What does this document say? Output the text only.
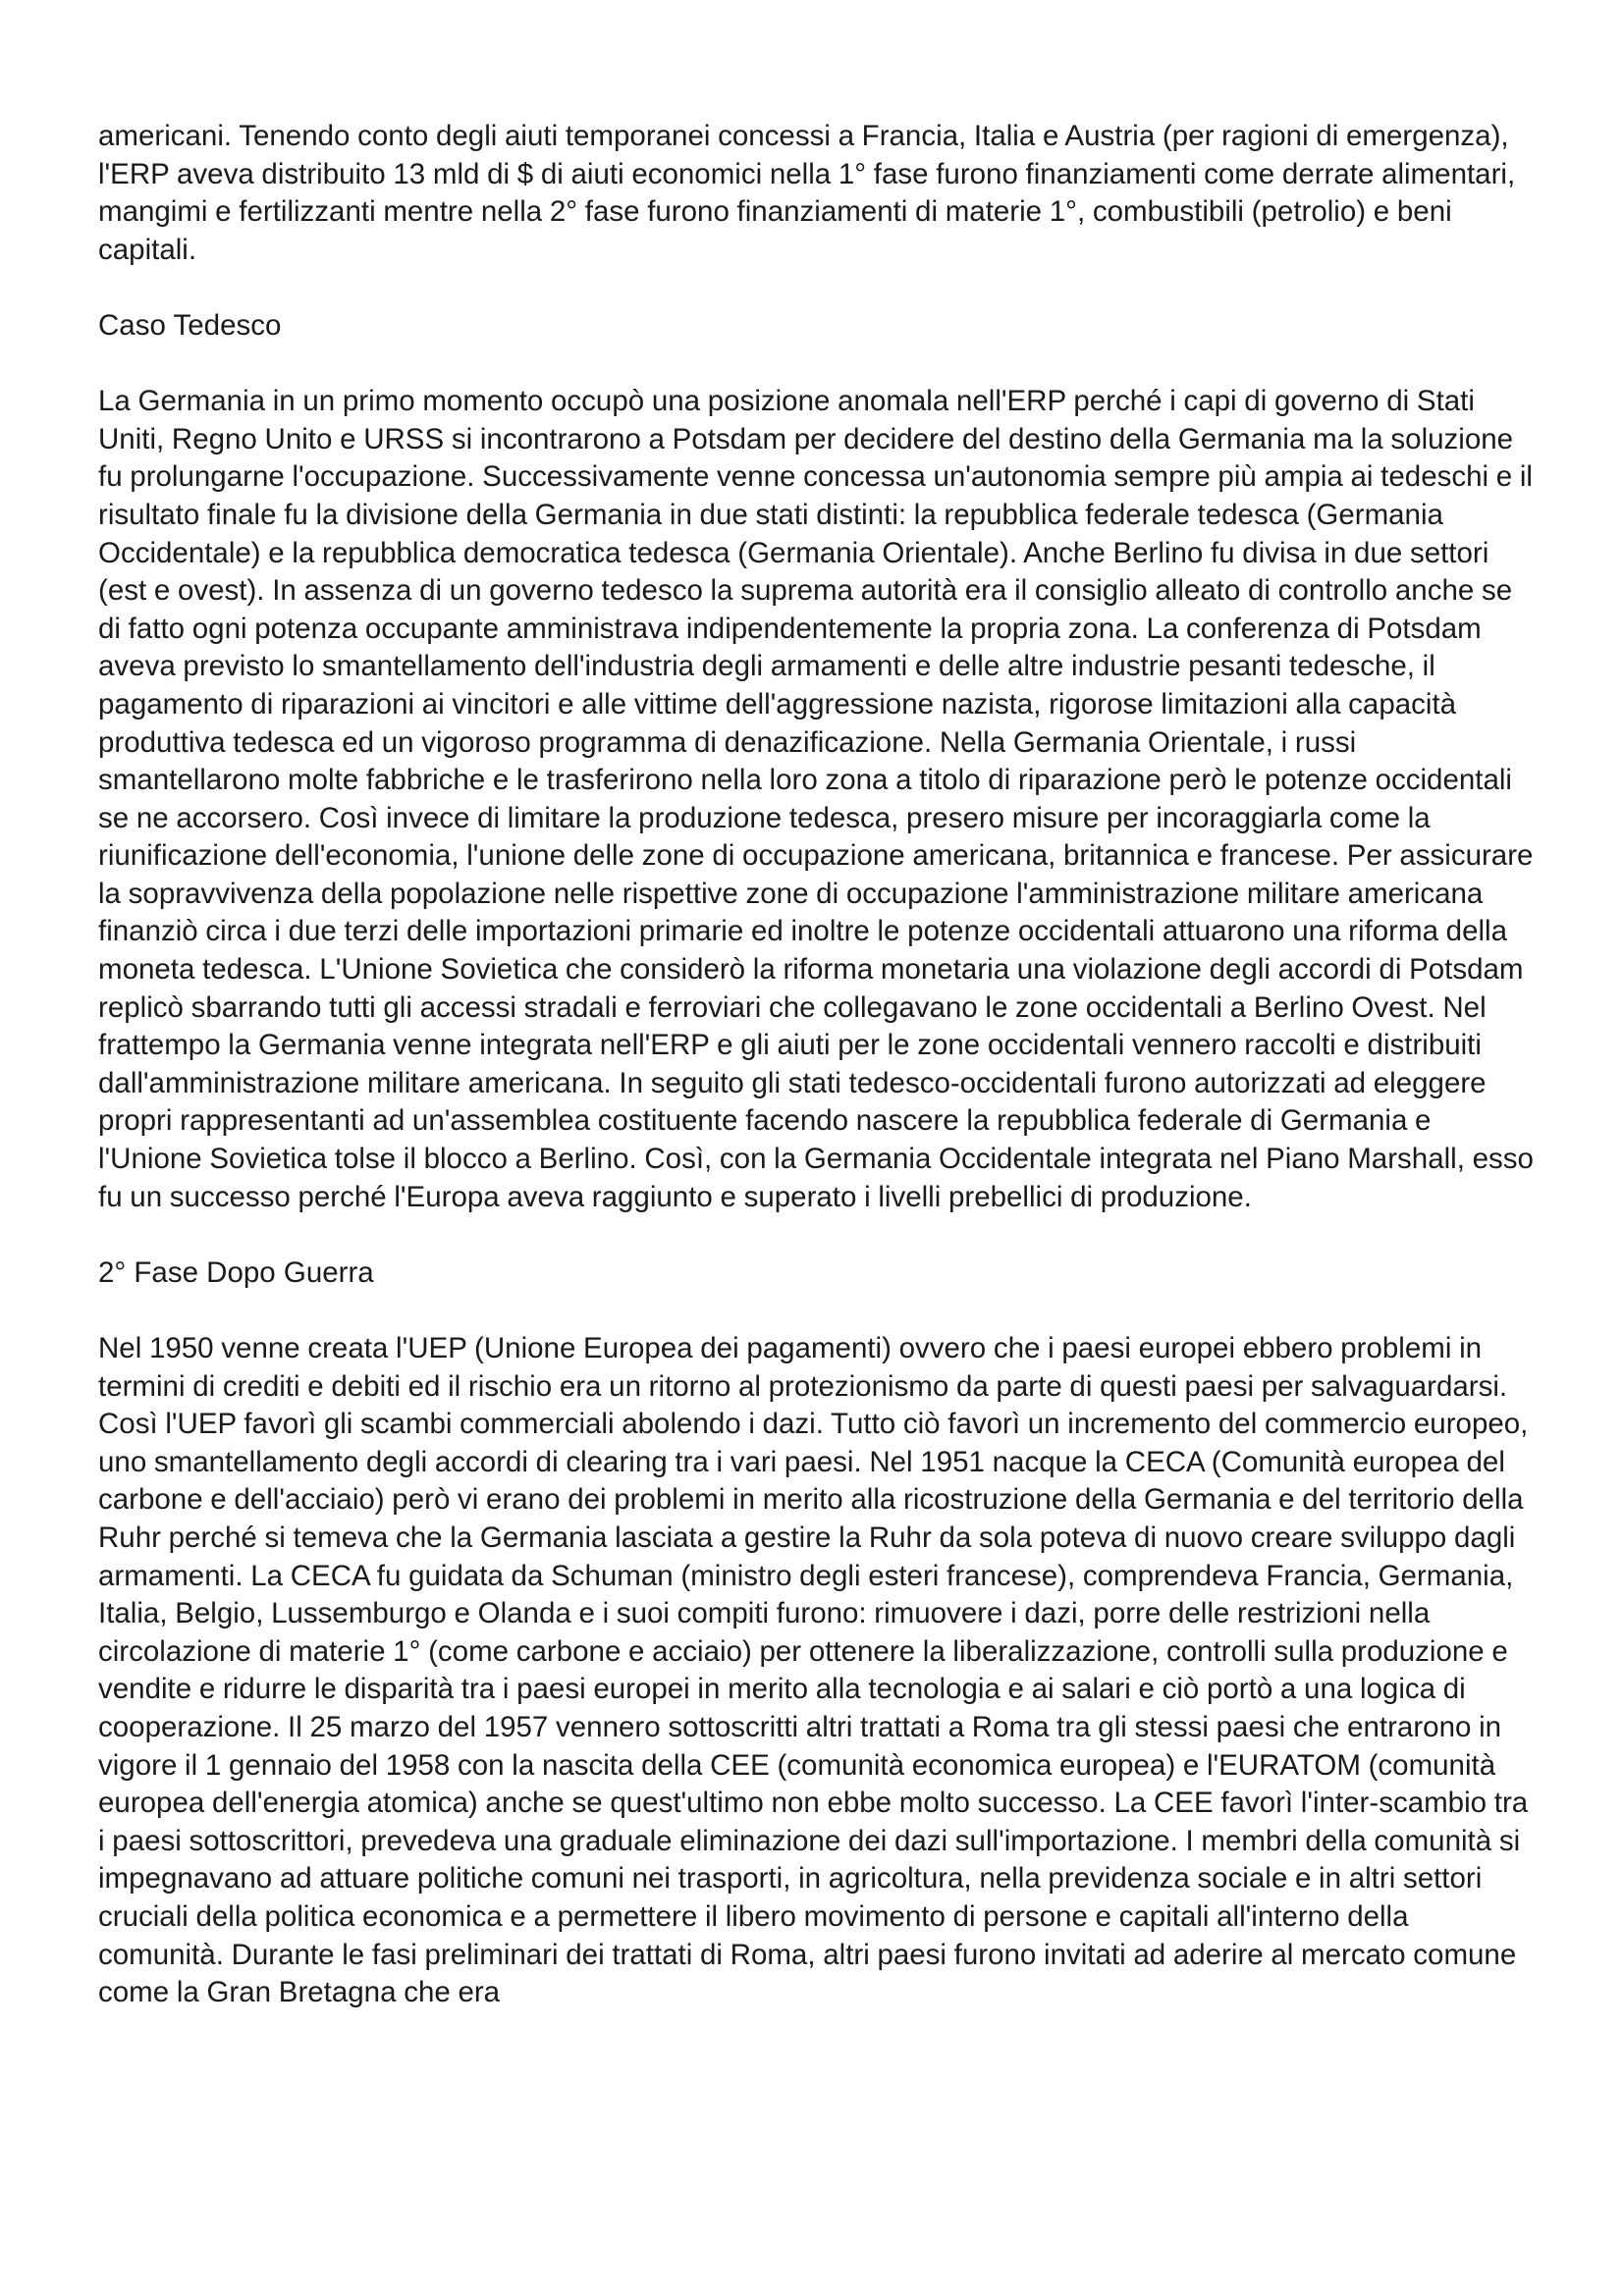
americani. Tenendo conto degli aiuti temporanei concessi a Francia, Italia e Austria (per ragioni di emergenza), l'ERP aveva distribuito 13 mld di $ di aiuti economici nella 1° fase furono finanziamenti come derrate alimentari, mangimi e fertilizzanti mentre nella 2° fase furono finanziamenti di materie 1°, combustibili (petrolio) e beni capitali.

Caso Tedesco

La Germania in un primo momento occupò una posizione anomala nell'ERP perché i capi di governo di Stati Uniti, Regno Unito e URSS si incontrarono a Potsdam per decidere del destino della Germania ma la soluzione fu prolungarne l'occupazione. Successivamente venne concessa un'autonomia sempre più ampia ai tedeschi e il risultato finale fu la divisione della Germania in due stati distinti: la repubblica federale tedesca (Germania Occidentale) e la repubblica democratica tedesca (Germania Orientale). Anche Berlino fu divisa in due settori (est e ovest). In assenza di un governo tedesco la suprema autorità era il consiglio alleato di controllo anche se di fatto ogni potenza occupante amministrava indipendentemente la propria zona. La conferenza di Potsdam aveva previsto lo smantellamento dell'industria degli armamenti e delle altre industrie pesanti tedesche, il pagamento di riparazioni ai vincitori e alle vittime dell'aggressione nazista, rigorose limitazioni alla capacità produttiva tedesca ed un vigoroso programma di denazificazione. Nella Germania Orientale, i russi smantellarono molte fabbriche e le trasferirono nella loro zona a titolo di riparazione però le potenze occidentali se ne accorsero. Così invece di limitare la produzione tedesca, presero misure per incoraggiarla come la riunificazione dell'economia, l'unione delle zone di occupazione americana, britannica e francese. Per assicurare la sopravvivenza della popolazione nelle rispettive zone di occupazione l'amministrazione militare americana finanziò circa i due terzi delle importazioni primarie ed inoltre le potenze occidentali attuarono una riforma della moneta tedesca. L'Unione Sovietica che considerò la riforma monetaria una violazione degli accordi di Potsdam replicò sbarrando tutti gli accessi stradali e ferroviari che collegavano le zone occidentali a Berlino Ovest. Nel frattempo la Germania venne integrata nell'ERP e gli aiuti per le zone occidentali vennero raccolti e distribuiti dall'amministrazione militare americana. In seguito gli stati tedesco-occidentali furono autorizzati ad eleggere propri rappresentanti ad un'assemblea costituente facendo nascere la repubblica federale di Germania e l'Unione Sovietica tolse il blocco a Berlino. Così, con la Germania Occidentale integrata nel Piano Marshall, esso fu un successo perché l'Europa aveva raggiunto e superato i livelli prebellici di produzione.

2° Fase Dopo Guerra

Nel 1950 venne creata l'UEP (Unione Europea dei pagamenti) ovvero che i paesi europei ebbero problemi in termini di crediti e debiti ed il rischio era un ritorno al protezionismo da parte di questi paesi per salvaguardarsi. Così l'UEP favorì gli scambi commerciali abolendo i dazi. Tutto ciò favorì un incremento del commercio europeo, uno smantellamento degli accordi di clearing tra i vari paesi. Nel 1951 nacque la CECA (Comunità europea del carbone e dell'acciaio) però vi erano dei problemi in merito alla ricostruzione della Germania e del territorio della Ruhr perché si temeva che la Germania lasciata a gestire la Ruhr da sola poteva di nuovo creare sviluppo dagli armamenti. La CECA fu guidata da Schuman (ministro degli esteri francese), comprendeva Francia, Germania, Italia, Belgio, Lussemburgo e Olanda e i suoi compiti furono: rimuovere i dazi, porre delle restrizioni nella circolazione di materie 1° (come carbone e acciaio) per ottenere la liberalizzazione, controlli sulla produzione e vendite e ridurre le disparità tra i paesi europei in merito alla tecnologia e ai salari e ciò portò a una logica di cooperazione. Il 25 marzo del 1957 vennero sottoscritti altri trattati a Roma tra gli stessi paesi che entrarono in vigore il 1 gennaio del 1958 con la nascita della CEE (comunità economica europea) e l'EURATOM (comunità europea dell'energia atomica) anche se quest'ultimo non ebbe molto successo. La CEE favorì l'inter-scambio tra i paesi sottoscrittori, prevedeva una graduale eliminazione dei dazi sull'importazione. I membri della comunità si impegnavano ad attuare politiche comuni nei trasporti, in agricoltura, nella previdenza sociale e in altri settori cruciali della politica economica e a permettere il libero movimento di persone e capitali all'interno della comunità. Durante le fasi preliminari dei trattati di Roma, altri paesi furono invitati ad aderire al mercato comune come la Gran Bretagna che era
